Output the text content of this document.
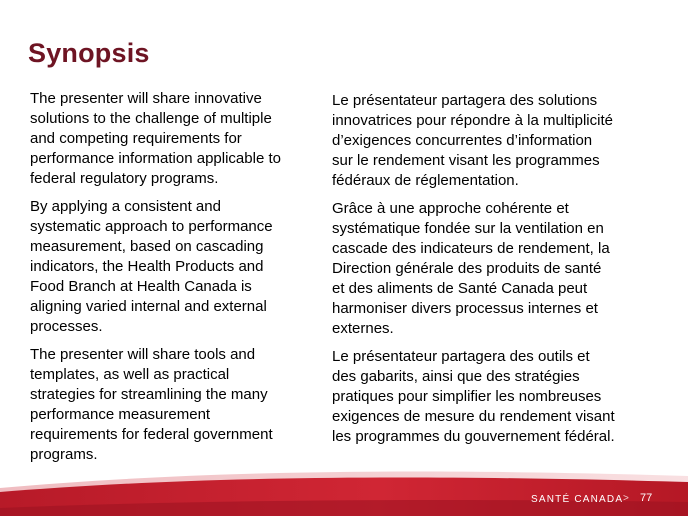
Synopsis

The presenter will share innovative
solutions to the challenge of multiple
and competing requirements for
performance information applicable to
federal regulatory programs.

By applying a consistent and
systematic approach to performance
measurement, based on cascading
indicators, the Health Products and
Food Branch at Health Canada is
aligning varied internal and external
processes.

The presenter will share tools and
templates, as well as practical
strategies for streamlining the many
performance measurement
requirements for federal government
programs.

Le présentateur partagera des solutions
innovatrices pour répondre à la multiplicité
d’exigences concurrentes d’information
sur le rendement visant les programmes
fédéraux de réglementation.

Grâce à une approche cohérente et
systématique fondée sur la ventilation en
cascade des indicateurs de rendement, la
Direction générale des produits de santé
et des aliments de Santé Canada peut
harmoniser divers processus internes et
externes.

Le présentateur partagera des outils et
des gabarits, ainsi que des stratégies
pratiques pour simplifier les nombreuses
exigences de mesure du rendement visant
les programmes du gouvernement fédéral.

SANTÉ CANADA > 77
